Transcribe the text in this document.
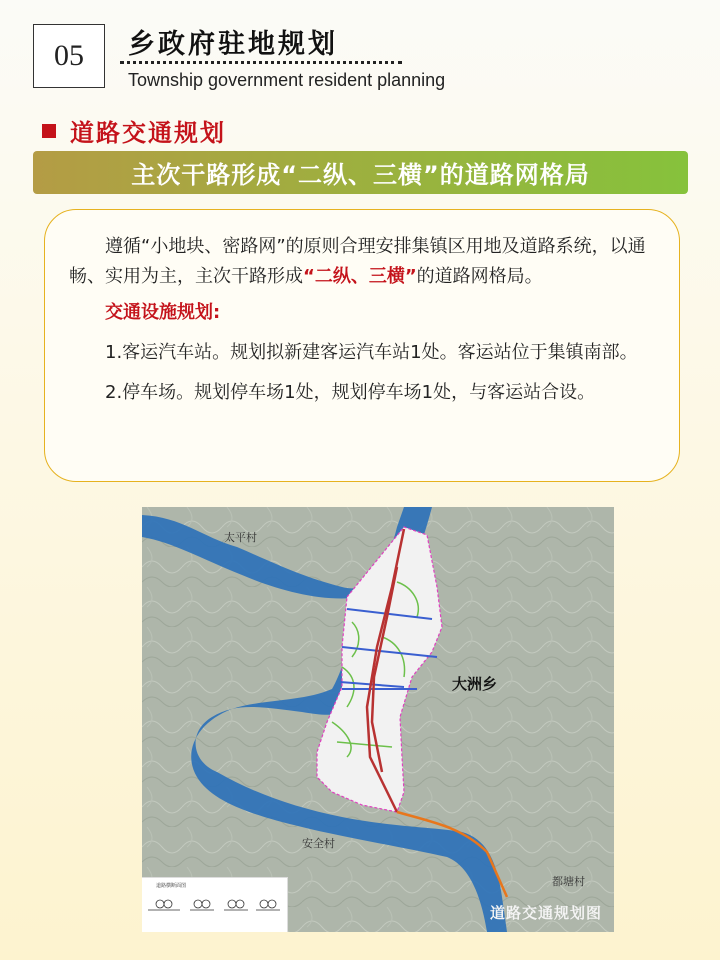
05	乡政府驻地规划
Township government resident planning
道路交通规划
主次干路形成“二纵、三横”的道路网格局

遵循“小地块、密路网”的原则合理安排集镇区用地及道路系统，以通畅、实用为主，主次干路形成“二纵、三横”的道路网格局。

交通设施规划:

1.客运汽车站。规划拟新建客运汽车站1处。客运站位于集镇南部。

2.停车场。规划停车场1处，规划停车场1处，与客运站合设。

太平村
大洲乡
安全村
都塘村
道路横断面图
道路交通规划图
